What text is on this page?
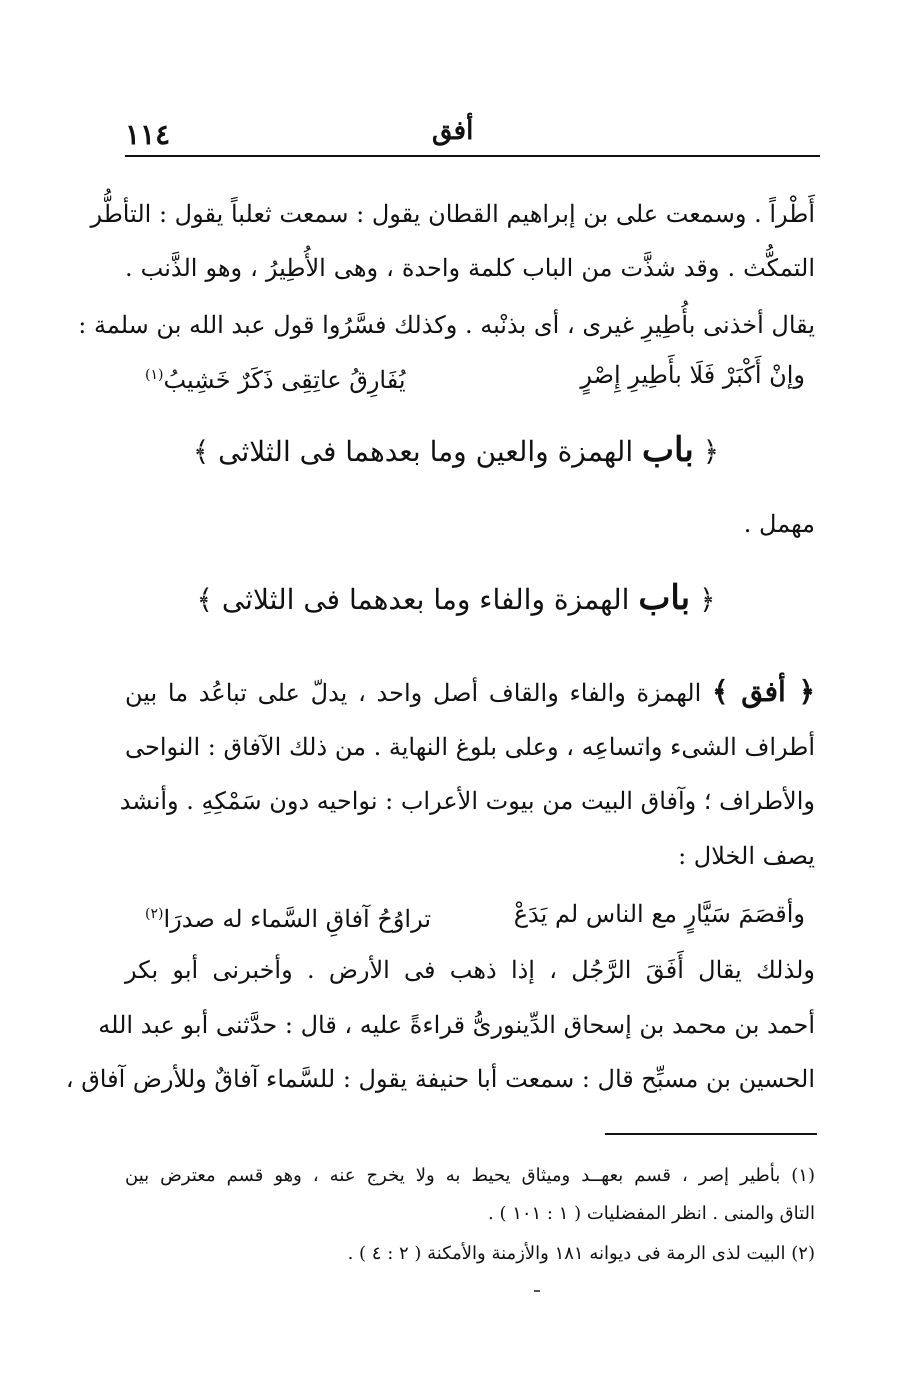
١١٤	أفق
أَطْراً . وسمعت على بن إبراهيم القطان يقول : سمعت ثعلباً يقول : التأطُّر
التمكُّث . وقد شذَّت من الباب كلمة واحدة ، وهى الأُطِيرُ ، وهو الذَّنب .
يقال أخذنى بأُطِيرِ غيرى ، أى بذنْبه . وكذلك فسَّرُوا قول عبد الله بن سلمة :
وإنْ أَكْبَرْ فَلَا بأَطِيرِ إِصْرٍ
يُفَارِقُ عاتِقِى ذَكَرٌ خَشِيبُ$^{(١)}$
﴿ باب الهمزة والعين وما بعدهما فى الثلاثى ﴾
مهمل .
﴿ باب الهمزة والفاء وما بعدهما فى الثلاثى ﴾
﴿ أفق ﴾ الهمزة والفاء والقاف أصل واحد ، يدلّ على تباعُد ما بين
أطراف الشىء واتساعِه ، وعلى بلوغ النهاية . من ذلك الآفاق : النواحى
والأطراف ؛ وآفاق البيت من بيوت الأعراب : نواحيه دون سَمْكِهِ . وأنشد
يصف الخلال :
وأقصَمَ سَيَّارٍ مع الناس لم يَدَعْ
تراوُحُ آفاقِ السَّماء له صدرَا$^{(٢)}$
ولذلك يقال أَفَقَ الرَّجُل ، إذا ذهب فى الأرض . وأخبرنى أبو بكر
أحمد بن محمد بن إسحاق الدِّينورىُّ قراءةً عليه ، قال : حدَّثنى أبو عبد الله
الحسين بن مسبِّح قال : سمعت أبا حنيفة يقول : للسَّماء آفاقٌ وللأرض آفاق ،
(١) بأطير إصر ، قسم بعهــد وميثاق يحيط به ولا يخرج عنه ، وهو قسم معترض بين
التاق والمنى . انظر المفضليات ( ١ : ١٠١ ) .
(٢) البيت لذى الرمة فى ديوانه ١٨١ والأزمنة والأمكنة ( ٢ : ٤ ) .
